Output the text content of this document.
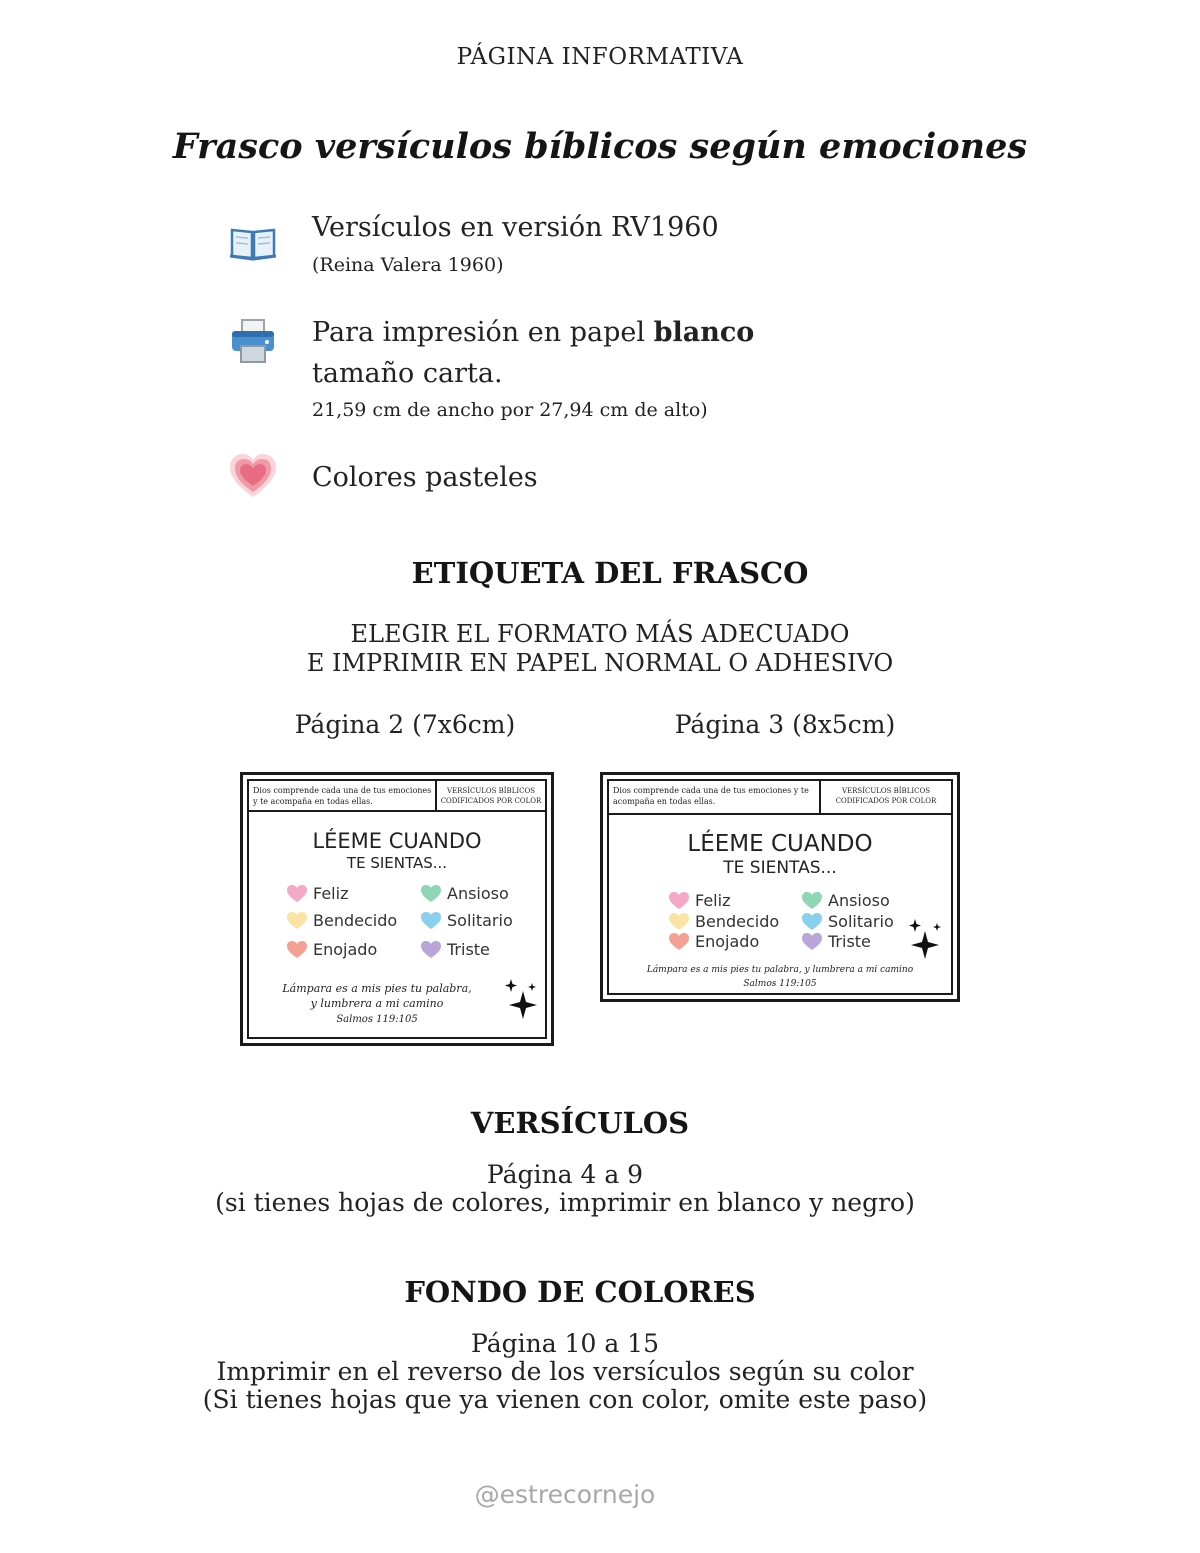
PÁGINA INFORMATIVA
Frasco versículos bíblicos según emociones
Versículos en versión RV1960
(Reina Valera 1960)
Para impresión en papel blanco
tamaño carta.
21,59 cm de ancho por 27,94 cm de alto)
Colores pasteles
ETIQUETA DEL FRASCO
ELEGIR EL FORMATO MÁS ADECUADO
E IMPRIMIR EN PAPEL NORMAL O ADHESIVO
Página 2 (7x6cm)	Página 3 (8x5cm)
Dios comprende cada una de tus emociones y te acompaña en todas ellas.
VERSÍCULOS BÍBLICOS CODIFICADOS POR COLOR
LÉEME CUANDO
TE SIENTAS...
Feliz
Bendecido
Enojado
Ansioso
Solitario
Triste
Lámpara es a mis pies tu palabra,
y lumbrera a mi camino
Salmos 119:105
Dios comprende cada una de tus emociones y te acompaña en todas ellas.
VERSÍCULOS BÍBLICOS CODIFICADOS POR COLOR
LÉEME CUANDO
TE SIENTAS...
Feliz
Bendecido
Enojado
Ansioso
Solitario
Triste
Lámpara es a mis pies tu palabra, y lumbrera a mi camino
Salmos 119:105
VERSÍCULOS
Página 4 a 9
(si tienes hojas de colores, imprimir en blanco y negro)
FONDO DE COLORES
Página 10 a 15
Imprimir en el reverso de los versículos según su color
(Si tienes hojas que ya vienen con color, omite este paso)
@estrecornejo
